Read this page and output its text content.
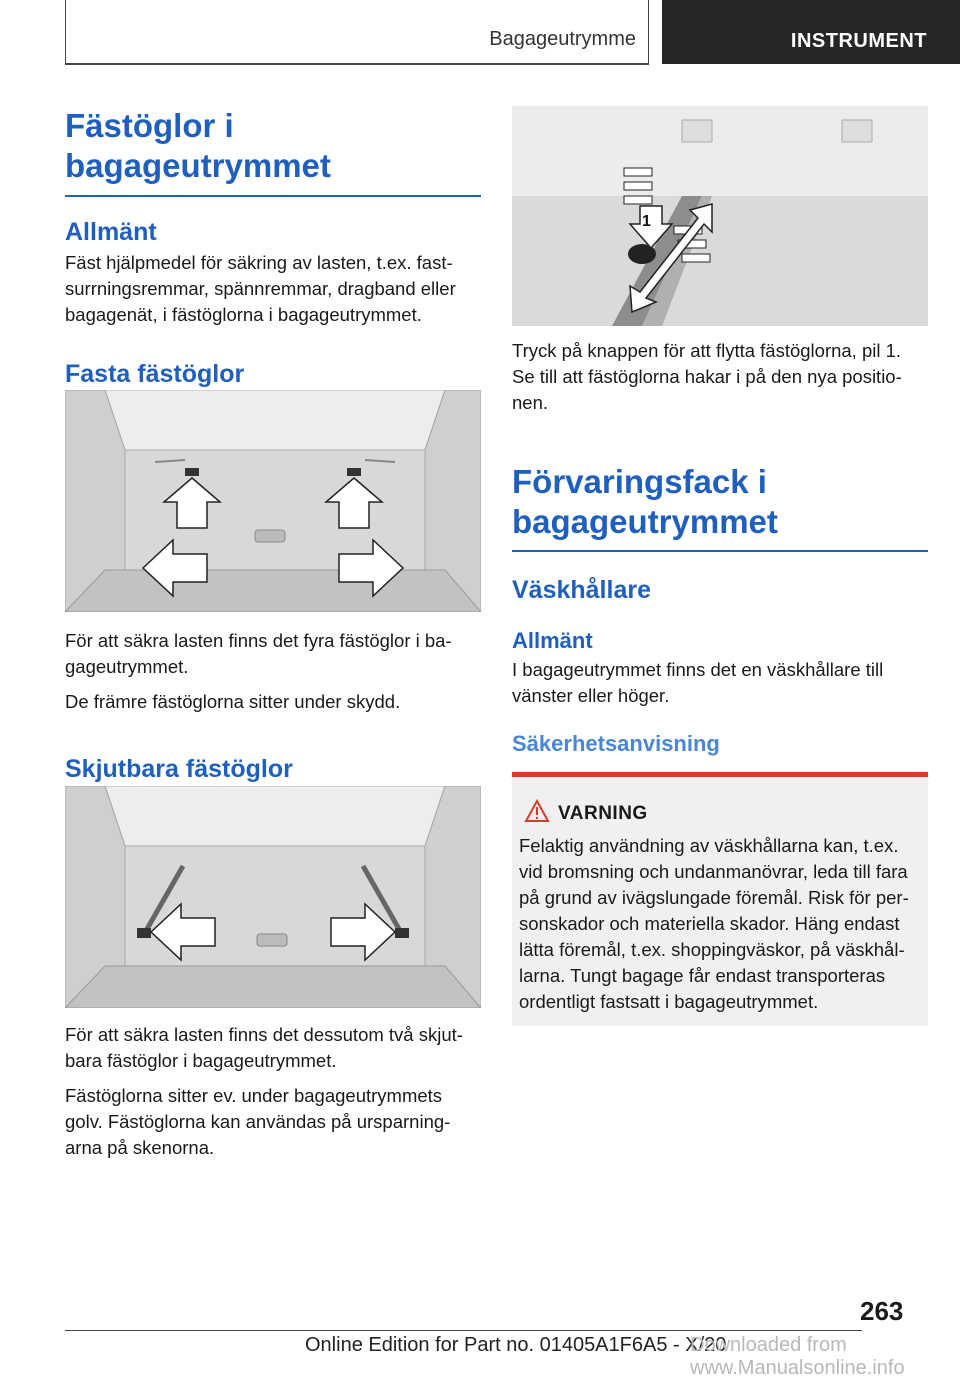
Bagageutrymme	INSTRUMENT
Fästöglor i bagageutrymmet
Allmänt

Fäst hjälpmedel för säkring av lasten, t.ex. fastsurrningsremmar, spännremmar, dragband eller bagagenät, i fästöglorna i bagageutrymmet.

Fasta fästöglor

För att säkra lasten finns det fyra fästöglor i bagageutrymmet.

De främre fästöglorna sitter under skydd.

Skjutbara fästöglor

För att säkra lasten finns det dessutom två skjutbara fästöglor i bagageutrymmet.

Fästöglorna sitter ev. under bagageutrymmets golv. Fästöglorna kan användas på ursparningarna på skenorna.

1

Tryck på knappen för att flytta fästöglorna, pil 1. Se till att fästöglorna hakar i på den nya positionen.

Förvaringsfack i bagageutrymmet
Väskhållare
Allmänt

I bagageutrymmet finns det en väskhållare till vänster eller höger.

Säkerhetsanvisning
VARNING
Felaktig användning av väskhållarna kan, t.ex. vid bromsning och undanmanövrar, leda till fara på grund av ivägslungade föremål. Risk för personskador och materiella skador. Häng endast lätta föremål, t.ex. shoppingväskor, på väskhållarna. Tungt bagage får endast transporteras ordentligt fastsatt i bagageutrymmet.
263
Online Edition for Part no. 01405A1F6A5 - X/20
Downloaded from www.Manualsonline.info
